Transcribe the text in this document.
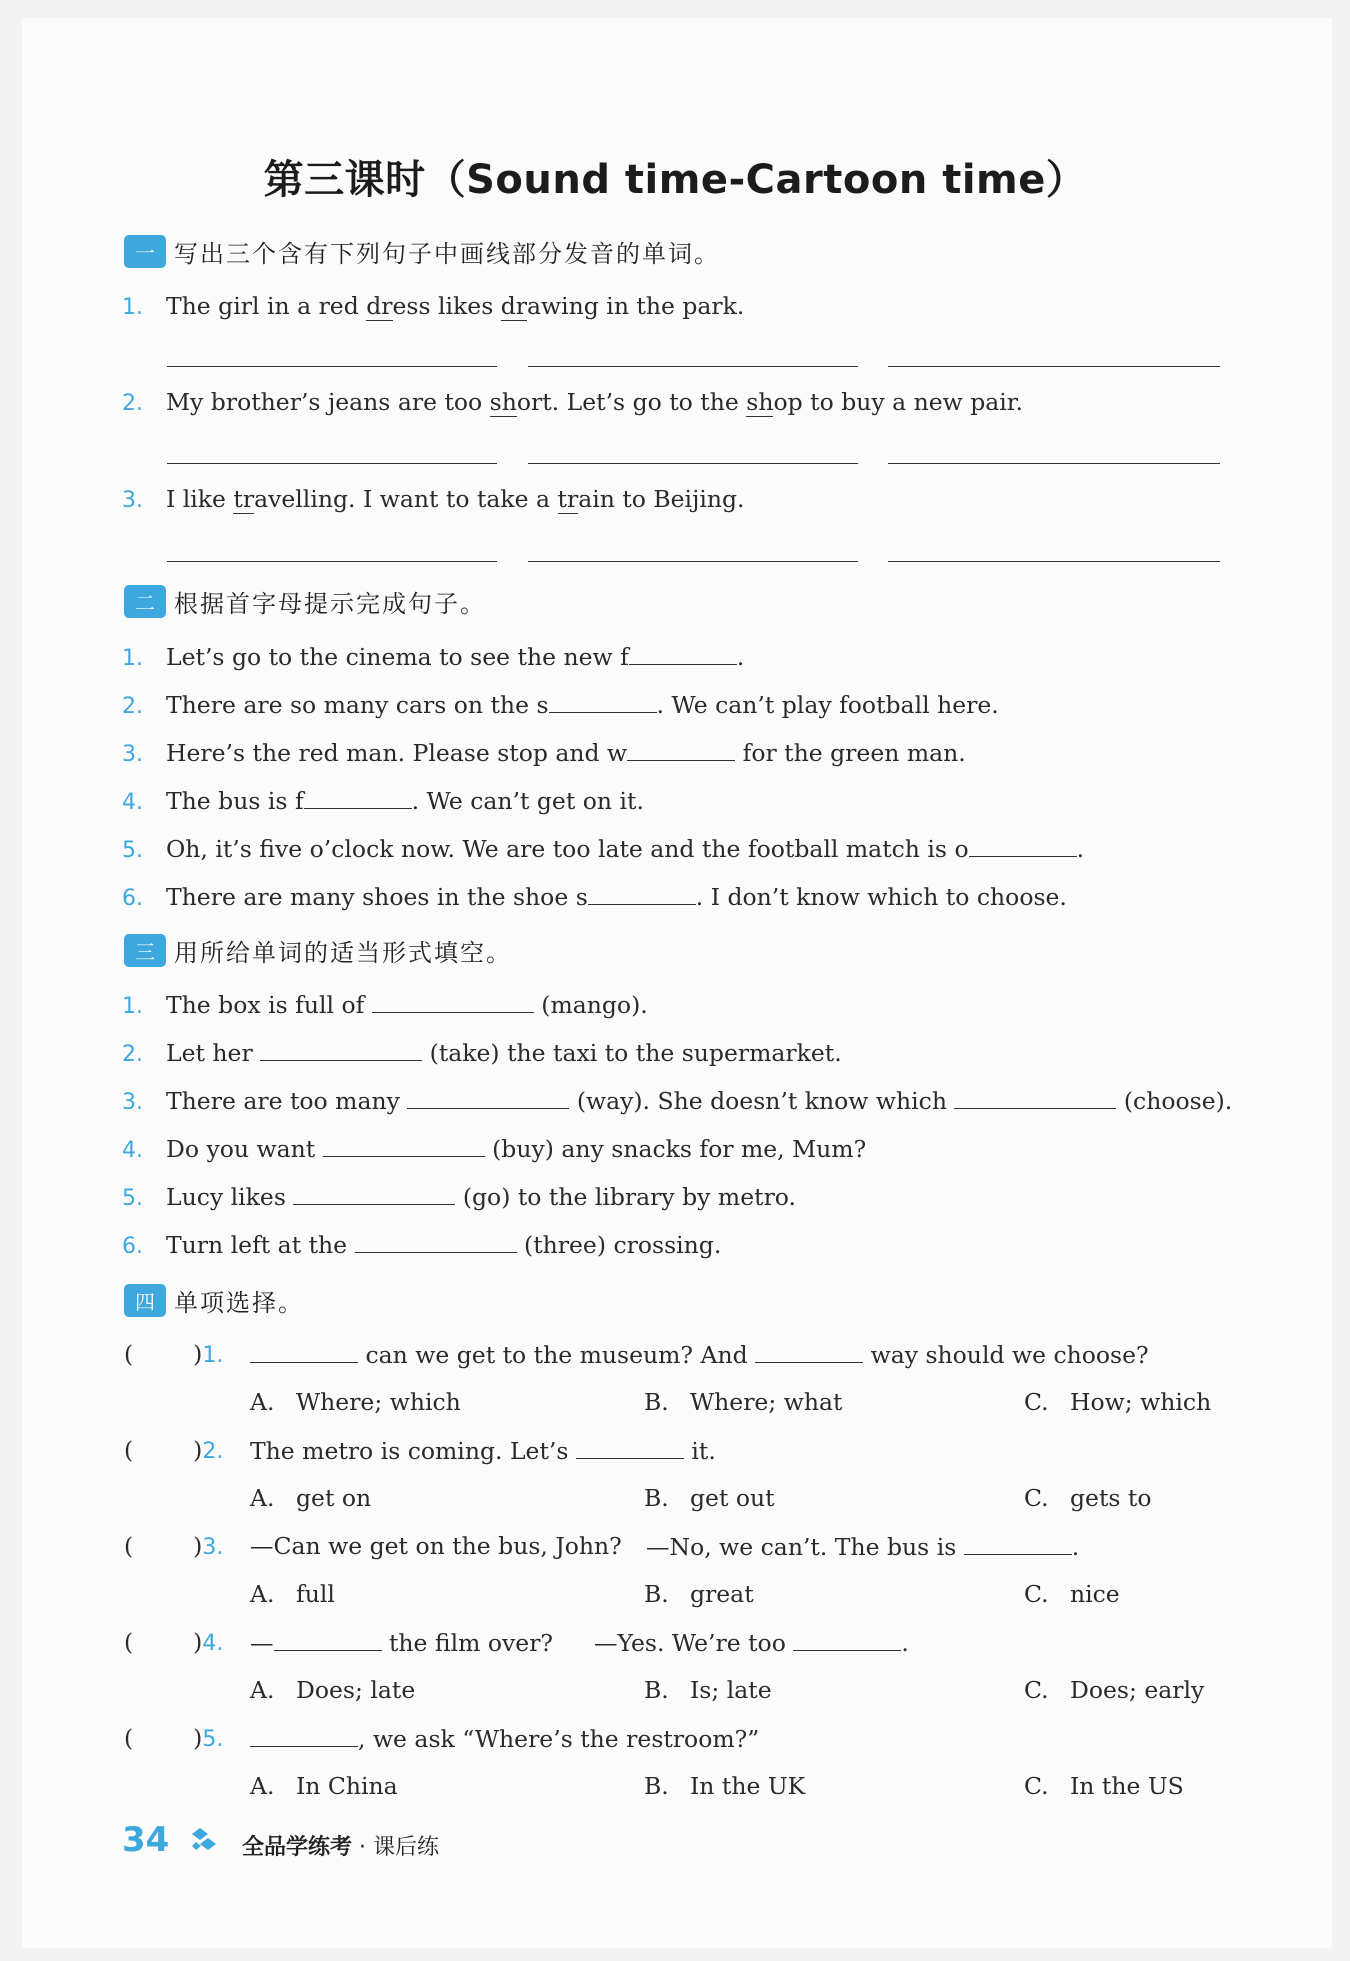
第三课时（Sound time-Cartoon time）
一 写出三个含有下列句子中画线部分发音的单词。
1. The girl in a red dress likes drawing in the park.
2. My brother’s jeans are too short. Let’s go to the shop to buy a new pair.
3. I like travelling. I want to take a train to Beijing.
二 根据首字母提示完成句子。
1. Let’s go to the cinema to see the new f	.
2. There are so many cars on the s	. We can’t play football here.
3. Here’s the red man. Please stop and w	for the green man.
4. The bus is f	. We can’t get on it.
5. Oh, it’s five o’clock now. We are too late and the football match is o	.
6. There are many shoes in the shoe s	. I don’t know which to choose.
三 用所给单词的适当形式填空。
1. The box is full of	(mango).
2. Let her	(take) the taxi to the supermarket.
3. There are too many	(way). She doesn’t know which	(choose).
4. Do you want	(buy) any snacks for me, Mum?
5. Lucy likes	(go) to the library by metro.
6. Turn left at the	(three) crossing.
四 单项选择。
(	)1.	can we get to the museum? And	way should we choose?
A. Where; which	B. Where; what	C. How; which
(	)2. The metro is coming. Let’s	it.
A. get on	B. get out	C. gets to
(	)3. —Can we get on the bus, John? —No, we can’t. The bus is	.
A. full	B. great	C. nice
(	)4. —	the film over? —Yes. We’re too	.
A. Does; late	B. Is; late	C. Does; early
(	)5.	, we ask “Where’s the restroom?”
A. In China	B. In the UK	C. In the US
34	全品学练考 · 课后练
